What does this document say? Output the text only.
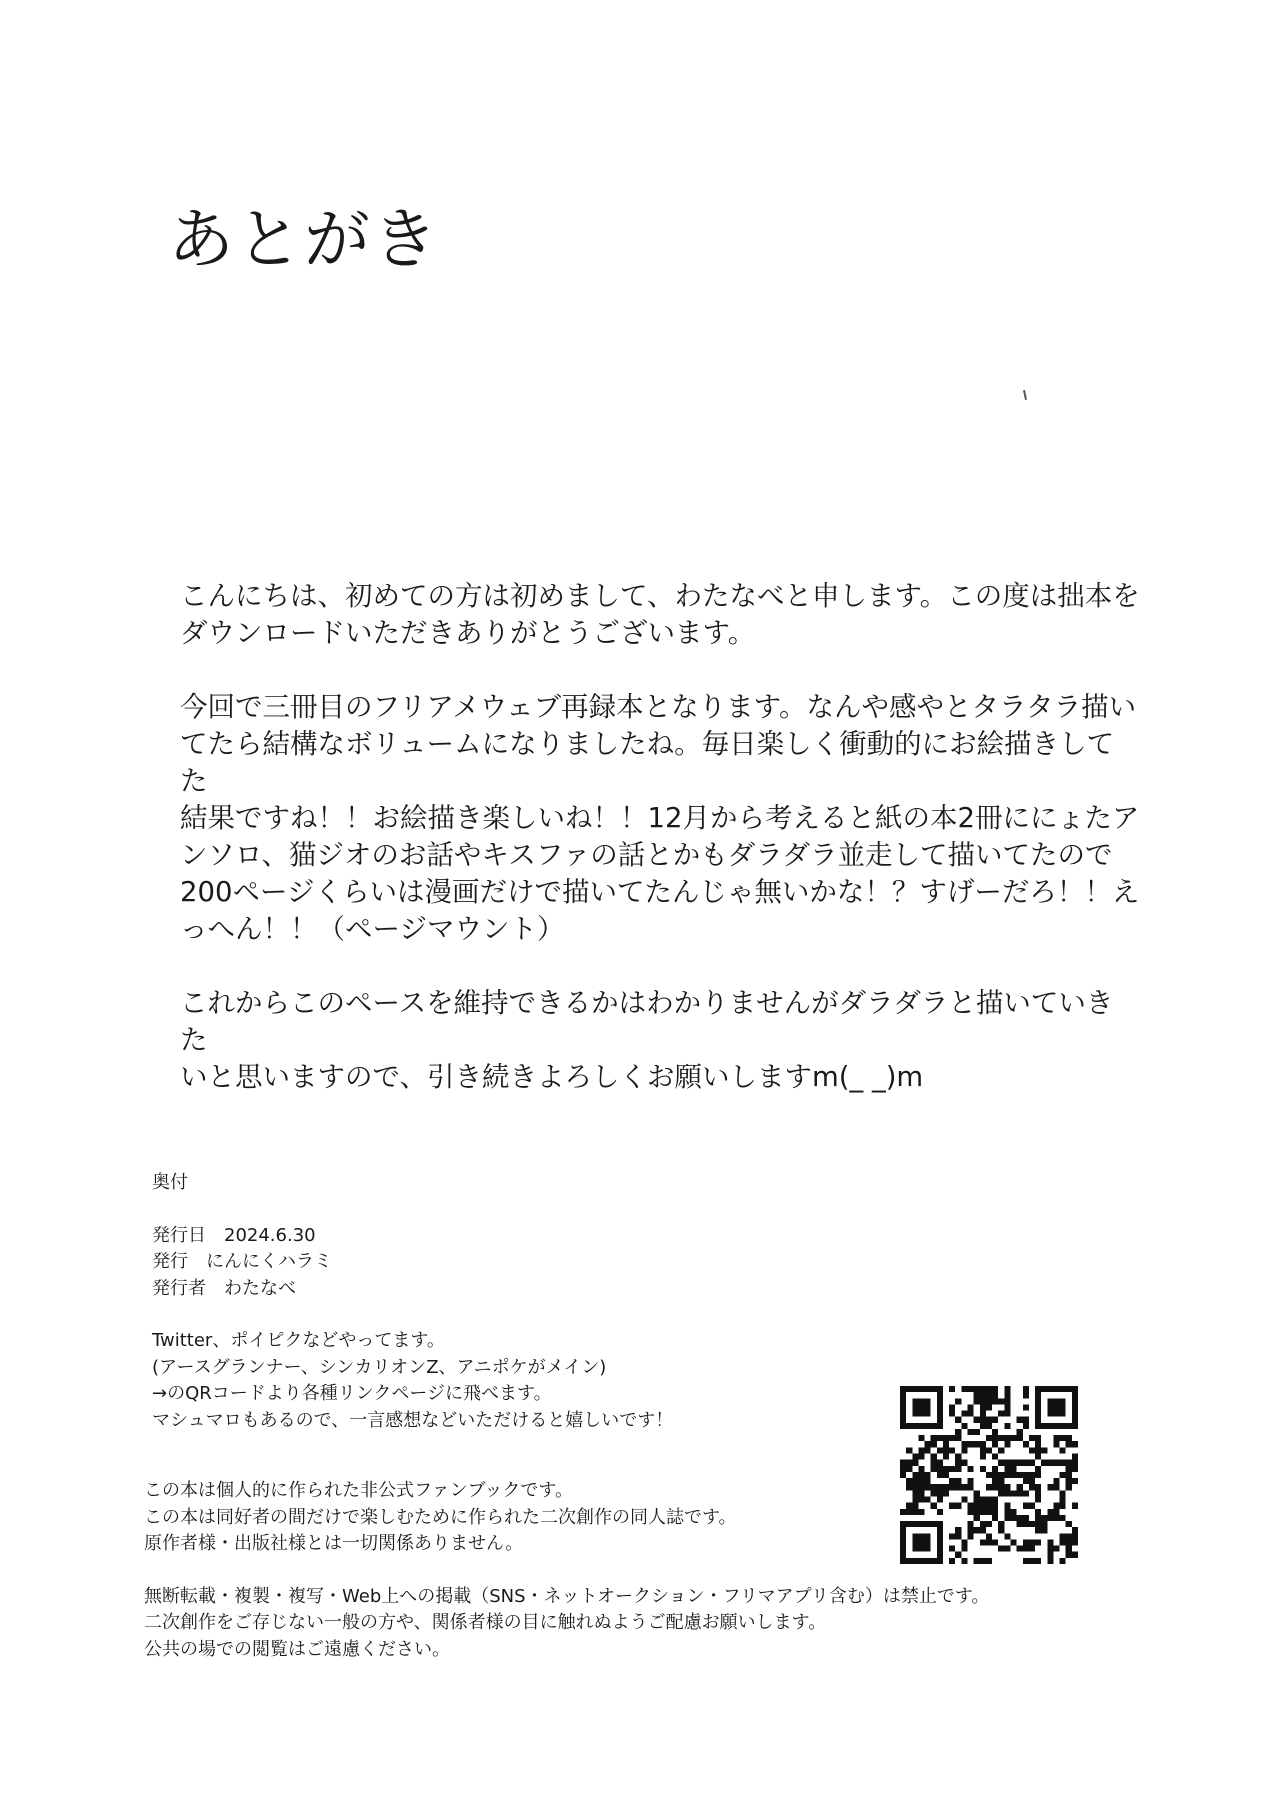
あとがき

こんにちは、初めての方は初めまして、わたなべと申します。この度は拙本を
ダウンロードいただきありがとうございます。

今回で三冊目のフリアメウェブ再録本となります。なんや感やとタラタラ描い
てたら結構なボリュームになりましたね。毎日楽しく衝動的にお絵描きしてた
結果ですね！！お絵描き楽しいね！！12月から考えると紙の本2冊ににょたア
ンソロ、猫ジオのお話やキスファの話とかもダラダラ並走して描いてたので
200ページくらいは漫画だけで描いてたんじゃ無いかな！？すげーだろ！！え
っへん！！（ページマウント）

これからこのペースを維持できるかはわかりませんがダラダラと描いていきた
いと思いますので、引き続きよろしくお願いしますm(_ _)m

奥付
発行日　2024.6.30
発行　にんにくハラミ
発行者　わたなべ
Twitter、ポイピクなどやってます。
(アースグランナー、シンカリオンZ、アニポケがメイン)
→のQRコードより各種リンクページに飛べます。
マシュマロもあるので、一言感想などいただけると嬉しいです！
この本は個人的に作られた非公式ファンブックです。
この本は同好者の間だけで楽しむために作られた二次創作の同人誌です。
原作者様・出版社様とは一切関係ありません。
無断転載・複製・複写・Web上への掲載（SNS・ネットオークション・フリマアプリ含む）は禁止です。
二次創作をご存じない一般の方や、関係者様の目に触れぬようご配慮お願いします。
公共の場での閲覧はご遠慮ください。
